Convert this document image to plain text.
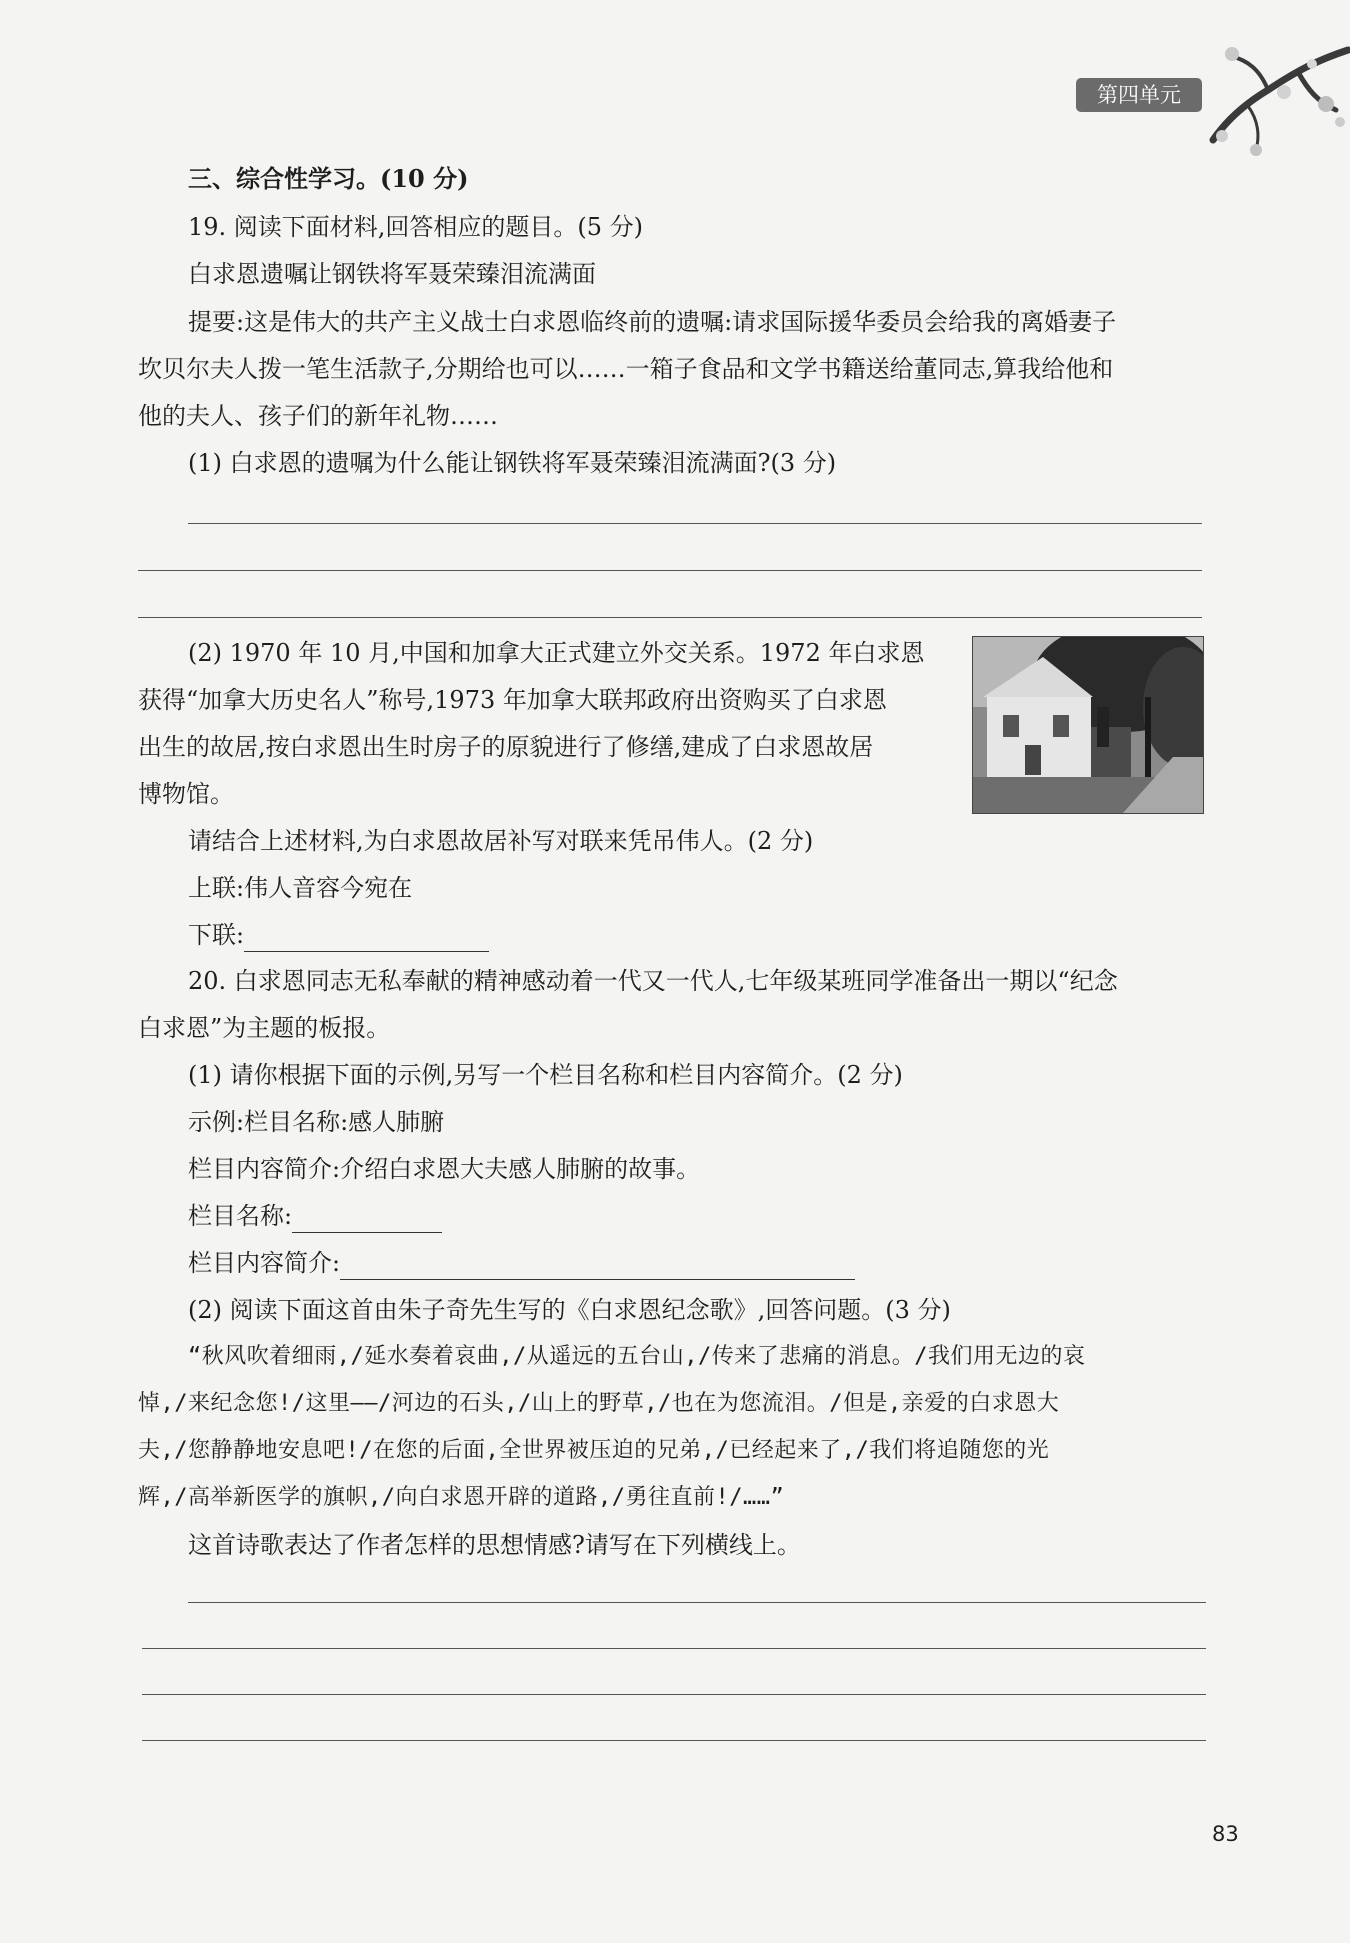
第四单元
三、综合性学习。(10 分)
19. 阅读下面材料,回答相应的题目。(5 分)
白求恩遗嘱让钢铁将军聂荣臻泪流满面
提要:这是伟大的共产主义战士白求恩临终前的遗嘱:请求国际援华委员会给我的离婚妻子
坎贝尔夫人拨一笔生活款子,分期给也可以……一箱子食品和文学书籍送给董同志,算我给他和
他的夫人、孩子们的新年礼物……
(1) 白求恩的遗嘱为什么能让钢铁将军聂荣臻泪流满面?(3 分)
(2) 1970 年 10 月,中国和加拿大正式建立外交关系。1972 年白求恩
获得“加拿大历史名人”称号,1973 年加拿大联邦政府出资购买了白求恩
出生的故居,按白求恩出生时房子的原貌进行了修缮,建成了白求恩故居
博物馆。
请结合上述材料,为白求恩故居补写对联来凭吊伟人。(2 分)
上联:伟人音容今宛在
下联:
20. 白求恩同志无私奉献的精神感动着一代又一代人,七年级某班同学准备出一期以“纪念
白求恩”为主题的板报。
(1) 请你根据下面的示例,另写一个栏目名称和栏目内容简介。(2 分)
示例:栏目名称:感人肺腑
栏目内容简介:介绍白求恩大夫感人肺腑的故事。
栏目名称:
栏目内容简介:
(2) 阅读下面这首由朱子奇先生写的《白求恩纪念歌》,回答问题。(3 分)
“秋风吹着细雨,/延水奏着哀曲,/从遥远的五台山,/传来了悲痛的消息。/我们用无边的哀
悼,/来纪念您!/这里——/河边的石头,/山上的野草,/也在为您流泪。/但是,亲爱的白求恩大
夫,/您静静地安息吧!/在您的后面,全世界被压迫的兄弟,/已经起来了,/我们将追随您的光
辉,/高举新医学的旗帜,/向白求恩开辟的道路,/勇往直前!/……”
这首诗歌表达了作者怎样的思想情感?请写在下列横线上。
83
